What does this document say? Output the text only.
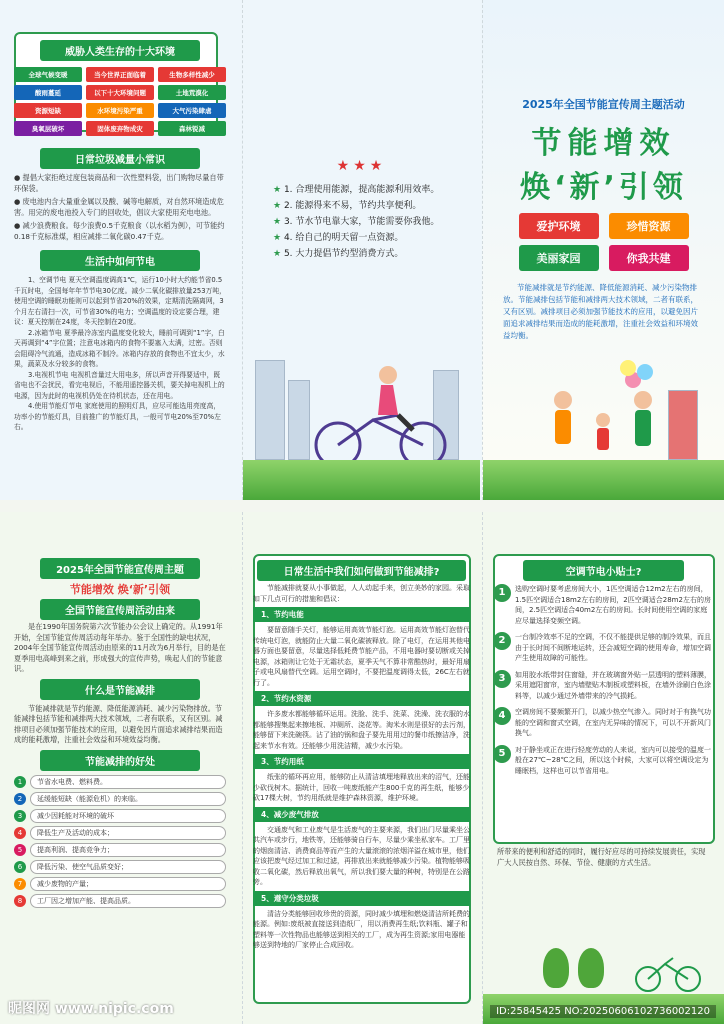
威胁人类生存的十大环境
全球气候变暖	当今世界正面临着	生物多样性减少
酸雨蔓延	以下十大环境问题	土地荒漠化
资源短缺	水环境污染严重	大气污染肆虐
臭氧层破坏	固体废弃物成灾	森林锐减
日常垃圾减量小常识
● 提倡大家拒绝过度包装商品和一次性塑料袋，出门购物尽量自带环保袋。
● 废电池内含大量重金属以及酸、碱等电解质，对自然环境造成危害。用完的废电池投入专门的回收处，倡议大家使用充电电池。
● 减少浪费粮食。每少浪费0.5千克粮食（以水稻为例），可节能约0.18千克标准煤，相应减排二氧化碳0.47千克。
生活中如何节电
1、空调节电 夏天空调温度调高1℃，运行10小时大约能节省0.5千瓦时电，全国每年年节节电30亿度。减少二氧化碳排放量253万吨，使用空调的睡眠功能则可以起到节省20%的效果，定期清洗隔离网，3个月左右清扫一次，可节省30%的电力；空调温度的设定要合理，建议：夏天控制在24度，冬天控制在20度。
2.冰箱节电 夏季最冷冻室内温度变化较大，睡前可调到“1”字，白天再调到“4”字位置；注意电冰箱内的食物不要塞入太满，过密。否则会阻碍冷气流通，造成冰箱不制冷。冰箱内存放的食物也不宜太少，水果，蔬菜及水分较多的食物。
3.电视机节电 电视机音量过大用电多，所以声音开得要适中，既省电也不会扰民，看完电视后，不能用遥控器关机，要关掉电视机上的电源，因为此时的电视机仍处在待机状态，还在用电。
4.使用节能灯节电 家庭使用的照明灯具，应尽可能选用亮度高，功率小的节能灯具，目前推广的节能灯具，一般可节电20%至70%左右。
★★★
★ 1. 合理使用能源，提高能源利用效率。
★ 2. 能源得来不易，节约共享便利。
★ 3. 节水节电靠大家，节能需要你我他。
★ 4. 给自己的明天留一点资源。
★ 5. 大力提倡节约型消费方式。
2025年全国节能宣传周主题活动
节能增效
焕‘新’引领
爱护环境	珍惜资源美丽家园	你我共建
节能减排就是节约能源、降低能源消耗、减少污染物排放。节能减排包括节能和减排两大技术领域，二者有联系，又有区别。减排项目必须加强节能技术的应用，以避免因片面追求减排结果而造成的能耗激增，注重社会效益和环境效益均衡。
2025年全国节能宣传周主题
节能增效 焕‘新’引领
全国节能宣传周活动由来
是在1990年国务院第六次节能办公会议上确定的。从1991年开始，全国节能宣传周活动每年举办。鉴于全国性的缺电状况，2004年全国节能宣传周活动由原来的11月改为6月举行，目的是在夏季用电高峰到来之前，形成强大的宣传声势，唤起人们的节能意识。
什么是节能减排
节能减排就是节约能源、降低能源消耗、减少污染物排放。节能减排包括节能和减排两大技术领域，二者有联系，又有区别。减排项目必须加强节能技术的应用，以避免因片面追求减排结果而造成的能耗激增，注重社会效益和环境效益均衡。
节能减排的好处
1	节省水电费、燃料费。
2	延缓能短缺（能源危机）的来临。
3	减少因耗能对环境的破坏
4	降低生产及活动的成本；
5	提高利润、提高竞争力；
6	降低污染、使空气品质变好；
7	减少废物的产量；
8	工厂因之增加产能、提高品质。
日常生活中我们如何做到节能减排?
节能减排就要从小事做起，人人动起手来，创立美妙的家园。采取如下几点可行的措施和倡议：
1、节约电能
要留意随手关灯，能够运用高效节能灯泡。运用高效节能灯泡替代传统电灯泡，就能防止大量二氧化碳被释放。除了电灯，在运用其他电器方面也要留意，尽量选择低耗费节能产品，不用电器时要切断或关掉电源，冰箱则让它处于无霜状态，夏季天气不算非常酷热时，最好用扇子或电风扇替代空调。运用空调时，不要把温度调得太低，26C左右就行了。
2、节约水资源
许多废水都能够循环运用。洗脸、洗手、洗菜、洗澡、洗衣服的水都能够搜集起来擦地板、冲厕所、浇花等。淘米水则是很好的去污剂，能够留下来洗碗筷。沾了油的锅和盘子要先用用过的餐巾纸擦洁净，洗起来节水有效。还能够少用洗洁精，减少水污染。
3、节约用纸
纸张的循环再应用，能够防止从清洁填埋地释放出来的沼气，还能少砍伐树木。据统计，回收一吨废纸能产生800千克的再生纸，能够少砍17棵大树，节约用纸就是维护森林资源，维护环境。
4、减少废气排放
交通废气和工业废气是生活废气的主要来源，我们出门尽量乘坐公共汽车或步行，地铁等，还能够骑自行车，尽量少乘坐私家车。工厂里的烟囱清洁、消费商品等而产生的大量滚滚的浓烟洋溢在城市里，他们应该把废气经过加工和过滤，再排放出来就能够减少污染。植物能够吸收二氧化碳，然后释放出氧气，所以我们要大量的种树，特别是在公路旁。
5、遵守分类垃圾
清洁分类能够回收珍贵的资源，同时减少填埋和燃烧清洁所耗费的能源。例如:废纸被直接送到造纸厂，用以消费再生纸;饮料瓶、罐子和塑料等一次性物品也能够送到相关的工厂，成为再生资源;家用电器能够送到特地的厂家停止合成回收。
空调节电小贴士?
1	选购空调时要考虑房间大小，1匹空调适合12m2左右的房间，1.5匹空调适合18m2左右的房间，2匹空调适合28m2左右的房间，2.5匹空调适合40m2左右的房间。长时间使用空调的家庭应尽量选择变频空调。
2	一台制冷效率不足的空调，不仅不能提供足够的制冷效果，而且由于长时间不间断地运转，还会减短空调的使用寿命，增加空调产生使用故障的可能性。
3	如用胶水纸带封住窗缝，并在玻璃窗外贴一层透明的塑料薄膜，采用遮阳窗帘，室内墙壁贴木制板或塑料板，在墙外涂刷白色涂料等，以减少通过外墙带来的冷气损耗。
4	空调房间不要频繁开门，以减少热空气渗入。同时对于有换气功能的空调和窗式空调，在室内无异味的情况下，可以不开新风门换气。
5	对于静坐或正在进行轻度劳动的人来说，室内可以接受的温度一般在27℃~28℃之间，所以这个时候，大家可以将空调设定为睡眠档，这样也可以节省用电。
所带来的便利和舒适的同时，履行好应尽的可持续发展责任，实现广大人民按自然、环保、节俭、健康的方式生活。
昵图网 www.nipic.com	ID:25845425 NO:20250606102736002120
